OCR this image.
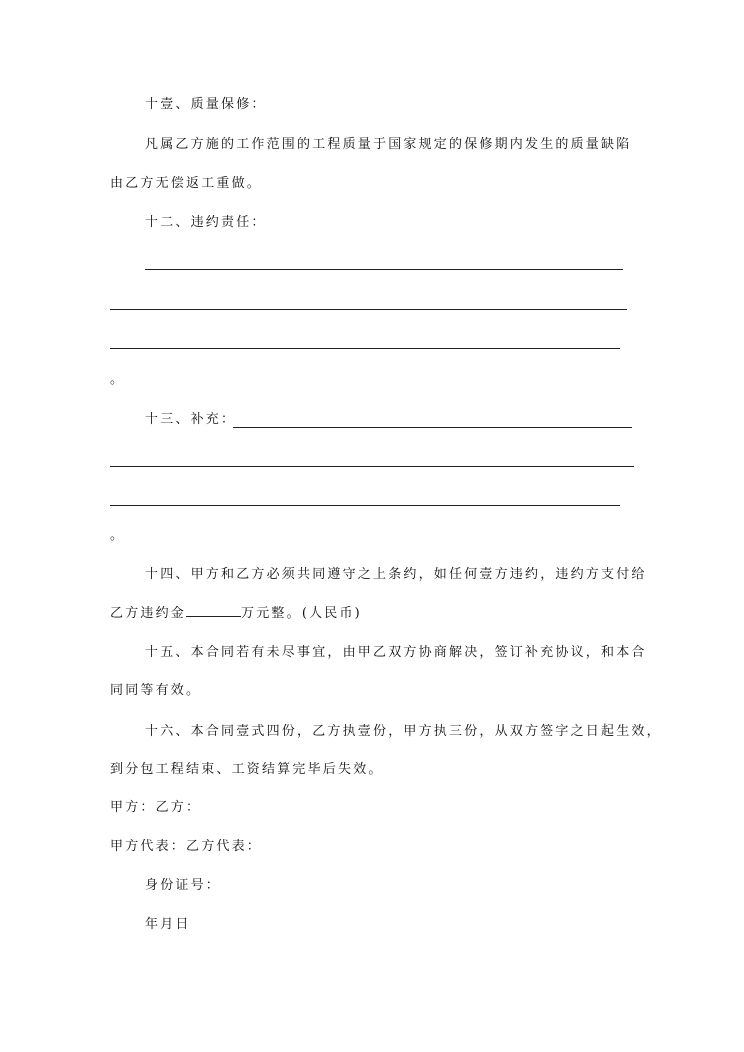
十壹、质量保修：
凡属乙方施的工作范围的工程质量于国家规定的保修期内发生的质量缺陷
由乙方无偿返工重做。
十二、违约责任：
。
十三、补充：
。
十四、甲方和乙方必须共同遵守之上条约，如任何壹方违约，违约方支付给
乙方违约金	万元整。(人民币)
十五、本合同若有未尽事宜，由甲乙双方协商解决，签订补充协议，和本合
同同等有效。
十六、本合同壹式四份，乙方执壹份，甲方执三份，从双方签字之日起生效，
到分包工程结束、工资结算完毕后失效。
甲方：乙方：
甲方代表：乙方代表：
身份证号：
年月日
